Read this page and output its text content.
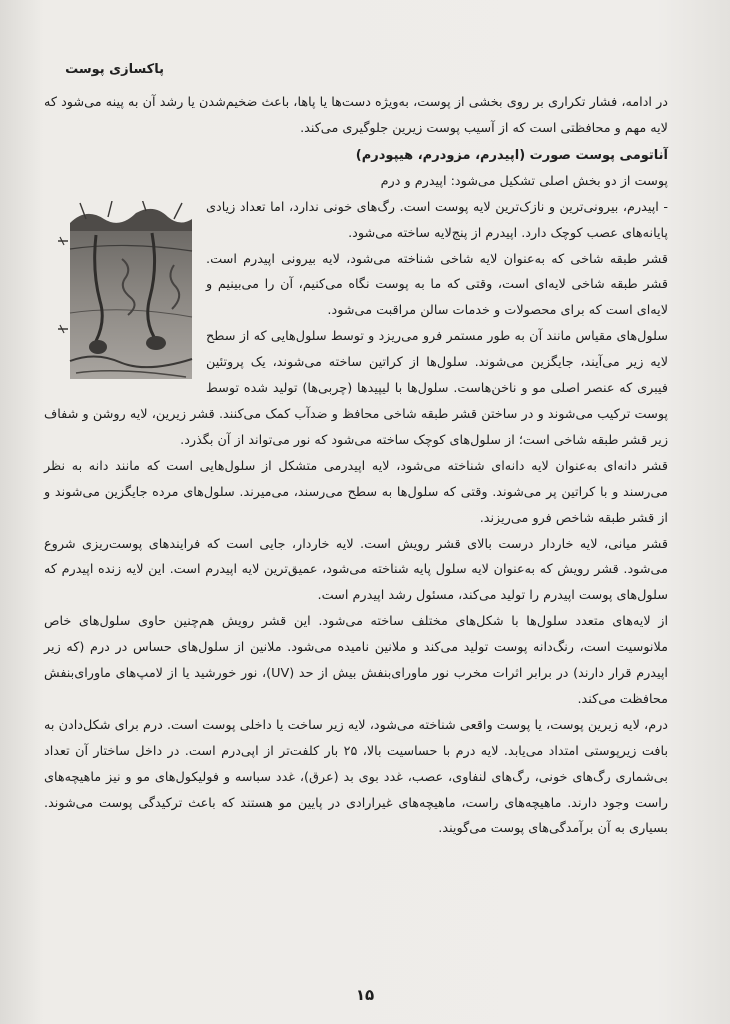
پاکسازی پوست

در ادامه، فشار تکراری بر روی بخشی از پوست، به‌ویژه دست‌ها یا پاها، باعث ضخیم‌شدن یا رشد آن به پینه می‌شود که لایه مهم و محافظتی است که از آسیب پوست زیرین جلوگیری می‌کند.

آناتومی پوست صورت (اپیدرم، مزودرم، هیپودرم)

پوست از دو بخش اصلی تشکیل می‌شود: اپیدرم و درم

- اپیدرم، بیرونی‌ترین و نازک‌ترین لایه پوست است. رگ‌های خونی ندارد، اما تعداد زیادی پایانه‌های عصب کوچک دارد. اپیدرم از پنج‌لایه ساخته می‌شود.

قشر طبقه شاخی که به‌عنوان لایه شاخی شناخته می‌شود، لایه بیرونی اپیدرم است. قشر طبقه شاخی لایه‌ای است، وقتی که ما به پوست نگاه می‌کنیم، آن را می‌بینیم و لایه‌ای است که برای محصولات و خدمات سالن مراقبت می‌شود.

سلول‌های مقیاس مانند آن به طور مستمر فرو می‌ریزد و توسط سلول‌هایی که از سطح لایه زیر می‌آیند، جایگزین می‌شوند. سلول‌ها از کراتین ساخته می‌شوند، یک پروتئین فیبری که عنصر اصلی مو و ناخن‌هاست. سلول‌ها با لیپیدها (چربی‌ها) تولید شده توسط پوست ترکیب می‌شوند و در ساختن قشر طبقه شاخی محافظ و ضدآب کمک می‌کنند. قشر زیرین، لایه روشن و شفاف زیر قشر طبقه شاخی است؛ از سلول‌های کوچک ساخته می‌شود که نور می‌تواند از آن بگذرد.

قشر دانه‌ای به‌عنوان لایه دانه‌ای شناخته می‌شود، لایه اپیدرمی متشکل از سلول‌هایی است که مانند دانه به نظر می‌رسند و با کراتین پر می‌شوند. وقتی که سلول‌ها به سطح می‌رسند، می‌میرند. سلول‌های مرده جایگزین می‌شوند و از قشر طبقه شاخص فرو می‌ریزند.

قشر میانی، لایه خاردار درست بالای قشر رویش است. لایه خاردار، جایی است که فرایندهای پوست‌ریزی شروع می‌شود. قشر رویش که به‌عنوان لایه سلول پایه شناخته می‌شود، عمیق‌ترین لایه اپیدرم است. این لایه زنده اپیدرم که سلول‌های پوست اپیدرم را تولید می‌کند، مسئول رشد اپیدرم است.

از لایه‌های متعدد سلول‌ها با شکل‌های مختلف ساخته می‌شود. این قشر رویش هم‌چنین حاوی سلول‌های خاص ملانوسیت است، رنگ‌دانه پوست تولید می‌کند و ملانین نامیده می‌شود. ملانین از سلول‌های حساس در درم (که زیر اپیدرم قرار دارند) در برابر اثرات مخرب نور ماورای‌بنفش بیش از حد (UV)، نور خورشید یا از لامپ‌های ماورای‌بنفش محافظت می‌کند.

درم، لایه زیرین پوست، یا پوست واقعی شناخته می‌شود، لایه زیر ساخت یا داخلی پوست است. درم برای شکل‌دادن به بافت زیرپوستی امتداد می‌یابد. لایه درم با حساسیت بالا، ۲۵ بار کلفت‌تر از اپی‌درم است. در داخل ساختار آن تعداد بی‌شماری رگ‌های خونی، رگ‌های لنفاوی، عصب، غدد بوی بد (عرق)، غدد سباسه و فولیکول‌های مو و نیز ماهیچه‌های راست وجود دارند. ماهیچه‌های راست، ماهیچه‌های غیرارادی در پایین مو هستند که باعث ترکیدگی پوست می‌شوند. بسیاری به آن برآمدگی‌های پوست می‌گویند.

۱۵
